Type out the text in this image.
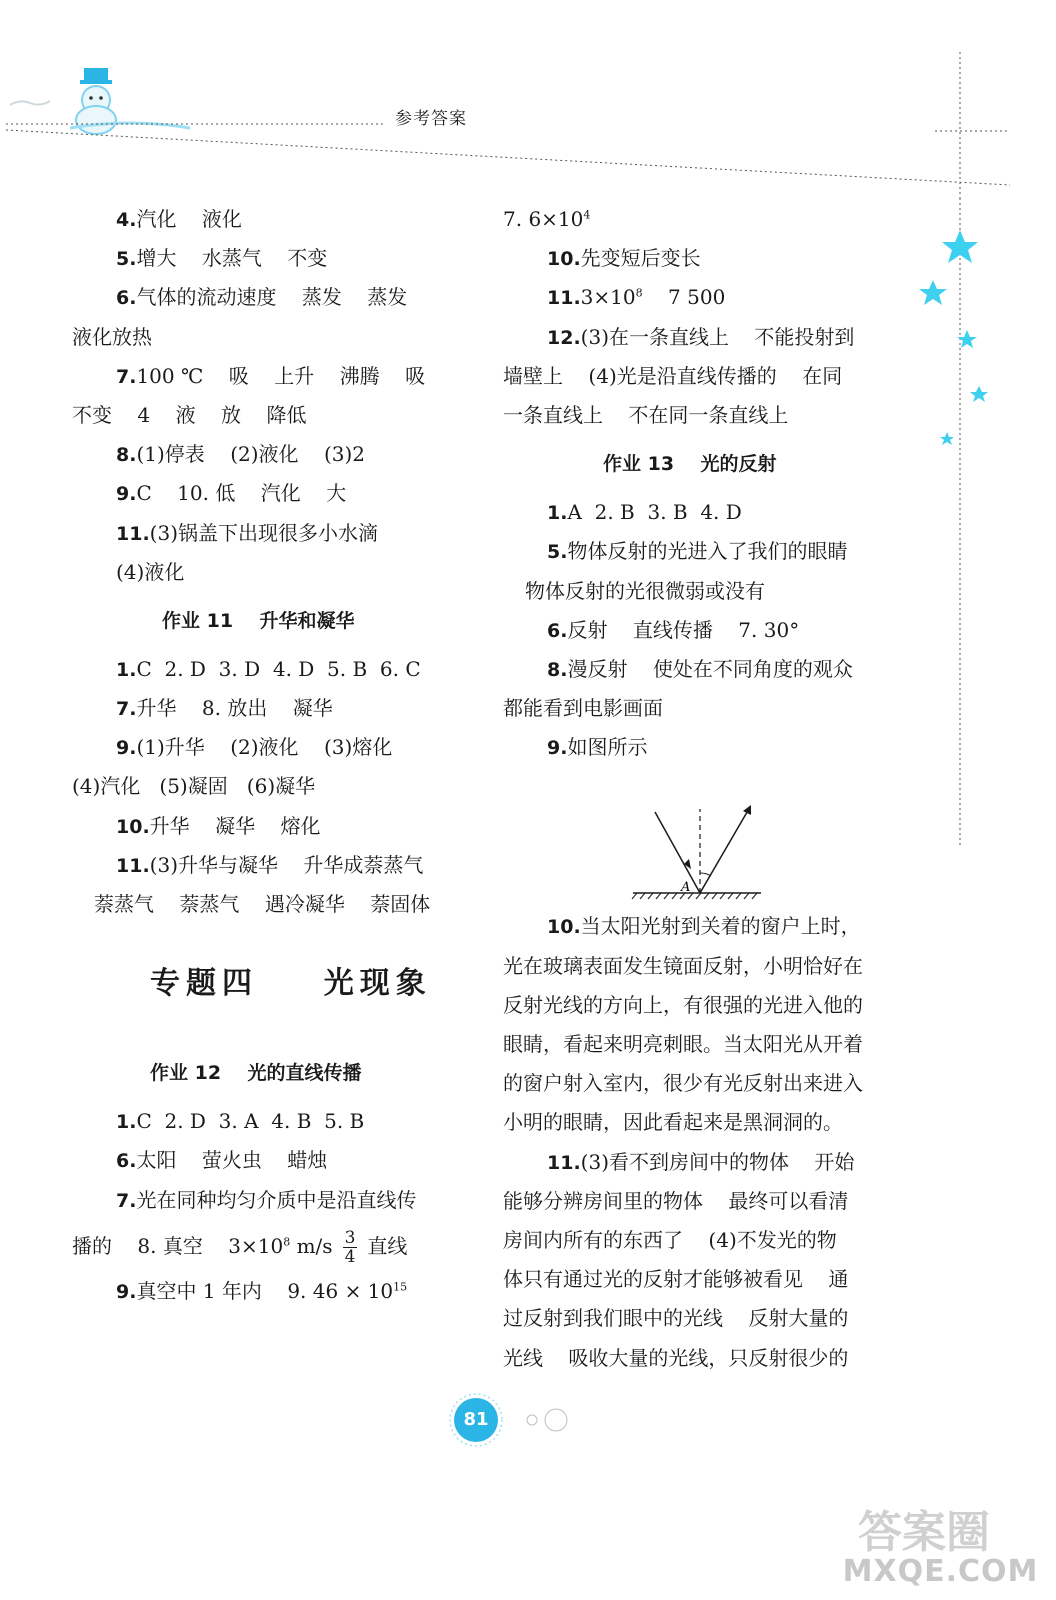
参考答案
4.汽化    液化
5.增大    水蒸气    不变
6.气体的流动速度    蒸发    蒸发
液化放热
7.100 ℃    吸    上升    沸腾    吸
不变    4    液    放    降低
8.(1)停表    (2)液化    (3)2
9.C    10. 低    汽化    大
11.(3)锅盖下出现很多小水滴
(4)液化
作业 11    升华和凝华
1.C  2. D  3. D  4. D  5. B  6. C
7.升华    8. 放出    凝华
9.(1)升华    (2)液化    (3)熔化
(4)汽化   (5)凝固   (6)凝华
10.升华    凝华    熔化
11.(3)升华与凝华    升华成萘蒸气
萘蒸气    萘蒸气    遇冷凝华    萘固体
专题四    光现象
作业 12    光的直线传播
1.C  2. D  3. A  4. B  5. B
6.太阳    萤火虫    蜡烛
7.光在同种均匀介质中是沿直线传
播的    8. 真空    $3\times 10^8$ $m/s \frac{3}{4}$ 直线
9.真空中 1 年内    9. $46 \times 10^{15}$
7. $6\times 10^4$
10.先变短后变长
$11.3\times 10^8$    7 500
12.(3)在一条直线上    不能投射到
墙壁上    (4)光是沿直线传播的    在同
一条直线上    不在同一条直线上
作业 13    光的反射
1.A  2. B  3. B  4. D
5.物体反射的光进入了我们的眼睛
物体反射的光很微弱或没有
6.反射    直线传播    7. 30°
8.漫反射    使处在不同角度的观众
都能看到电影画面
9.如图所示
A
10.当太阳光射到关着的窗户上时，
光在玻璃表面发生镜面反射，小明恰好在
反射光线的方向上，有很强的光进入他的
眼睛，看起来明亮刺眼。当太阳光从开着
的窗户射入室内，很少有光反射出来进入
小明的眼睛，因此看起来是黑洞洞的。
11.(3)看不到房间中的物体    开始
能够分辨房间里的物体    最终可以看清
房间内所有的东西了    (4)不发光的物
体只有通过光的反射才能够被看见    通
过反射到我们眼中的光线    反射大量的
光线    吸收大量的光线，只反射很少的
81
答案圈
MXQE.COM
